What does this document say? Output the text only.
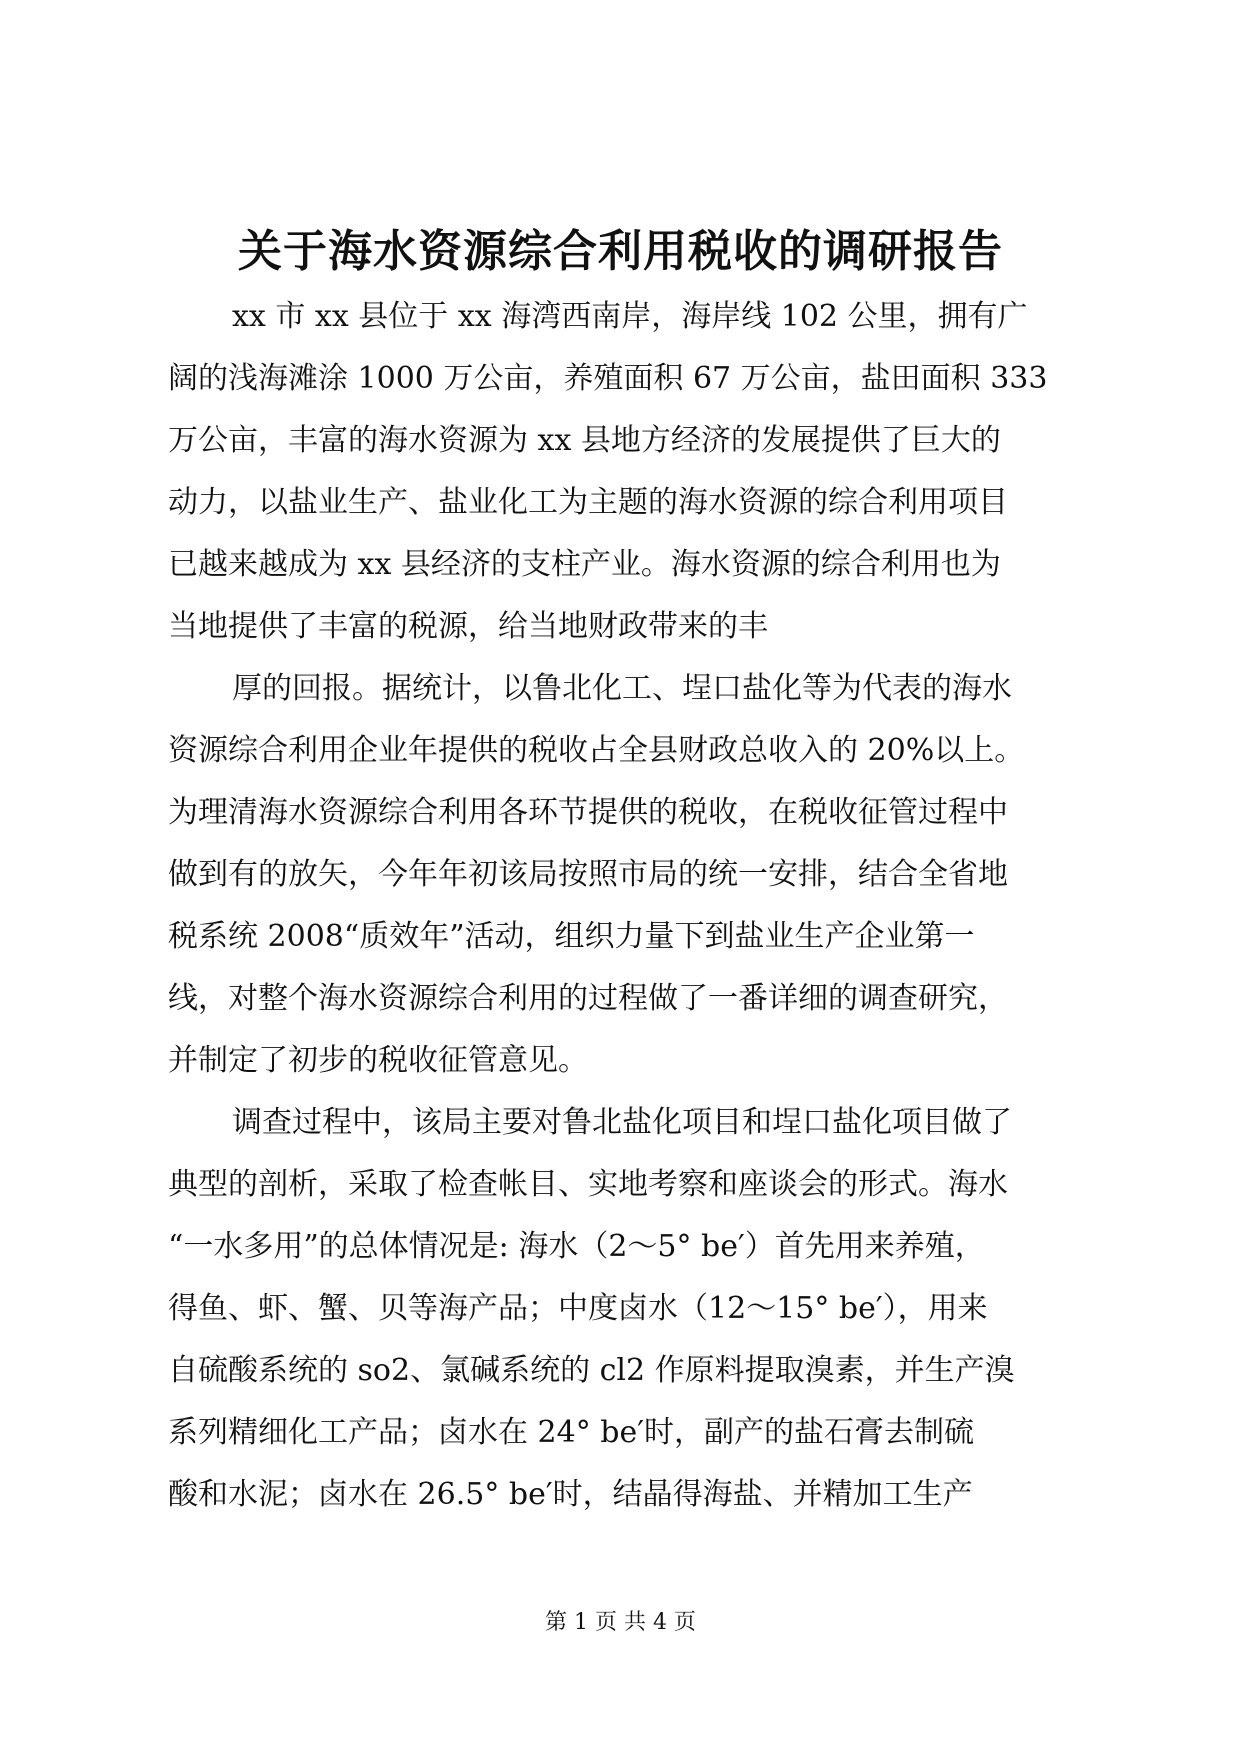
关于海水资源综合利用税收的调研报告

xx 市 xx 县位于 xx 海湾西南岸，海岸线 102 公里，拥有广
阔的浅海滩涂 1000 万公亩，养殖面积 67 万公亩，盐田面积 333
万公亩，丰富的海水资源为 xx 县地方经济的发展提供了巨大的
动力，以盐业生产、盐业化工为主题的海水资源的综合利用项目
已越来越成为 xx 县经济的支柱产业。海水资源的综合利用也为
当地提供了丰富的税源，给当地财政带来的丰

厚的回报。据统计，以鲁北化工、埕口盐化等为代表的海水
资源综合利用企业年提供的税收占全县财政总收入的 20%以上。
为理清海水资源综合利用各环节提供的税收，在税收征管过程中
做到有的放矢，今年年初该局按照市局的统一安排，结合全省地
税系统 2008“质效年”活动，组织力量下到盐业生产企业第一
线，对整个海水资源综合利用的过程做了一番详细的调查研究，
并制定了初步的税收征管意见。

调查过程中，该局主要对鲁北盐化项目和埕口盐化项目做了
典型的剖析，采取了检查帐目、实地考察和座谈会的形式。海水
“一水多用”的总体情况是: 海水（2～5° be′）首先用来养殖，
得鱼、虾、蟹、贝等海产品；中度卤水（12～15° be′），用来
自硫酸系统的 so2、氯碱系统的 cl2 作原料提取溴素，并生产溴
系列精细化工产品；卤水在 24° be′时，副产的盐石膏去制硫
酸和水泥；卤水在 26.5° be′时，结晶得海盐、并精加工生产

第 1 页 共 4 页
